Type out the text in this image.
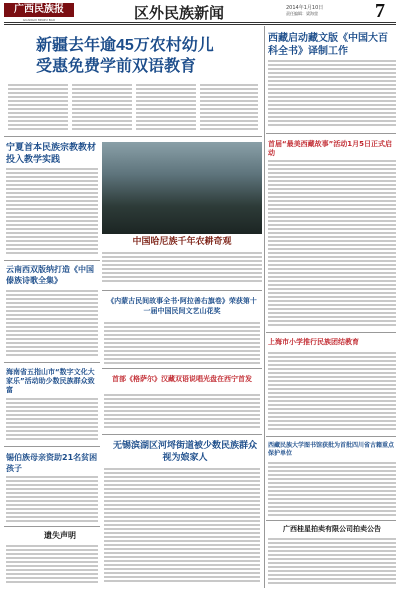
广西民族报
GUANGXI MINZU BAO	区外民族新闻	2014年1月10日
责任编辑：梁海萤	7
新疆去年逾45万农村幼儿
受惠免费学前双语教育
西藏启动藏文版《中国大百科全书》译制工作
宁夏首本民族宗教教材投入教学实践
中国哈尼族千年农耕奇观
首届“最美西藏故事”活动1月5日正式启动
云南西双版纳打造《中国傣族诗歌全集》
《内蒙古民间故事全书·阿拉善右旗卷》荣获第十一届中国民间文艺山花奖
上海市小学推行民族团结教育
海南省五指山市“数字文化大家乐”活动助少数民族群众致富
首部《格萨尔》汉藏双语说唱光盘在西宁首发
无锡滨湖区河埒街道被少数民族群众视为娘家人
锡伯族母亲资助21名贫困孩子
遗失声明
西藏民族大学图书馆获批为首批四川省古籍重点保护单位
广西桂星拍卖有限公司拍卖公告
